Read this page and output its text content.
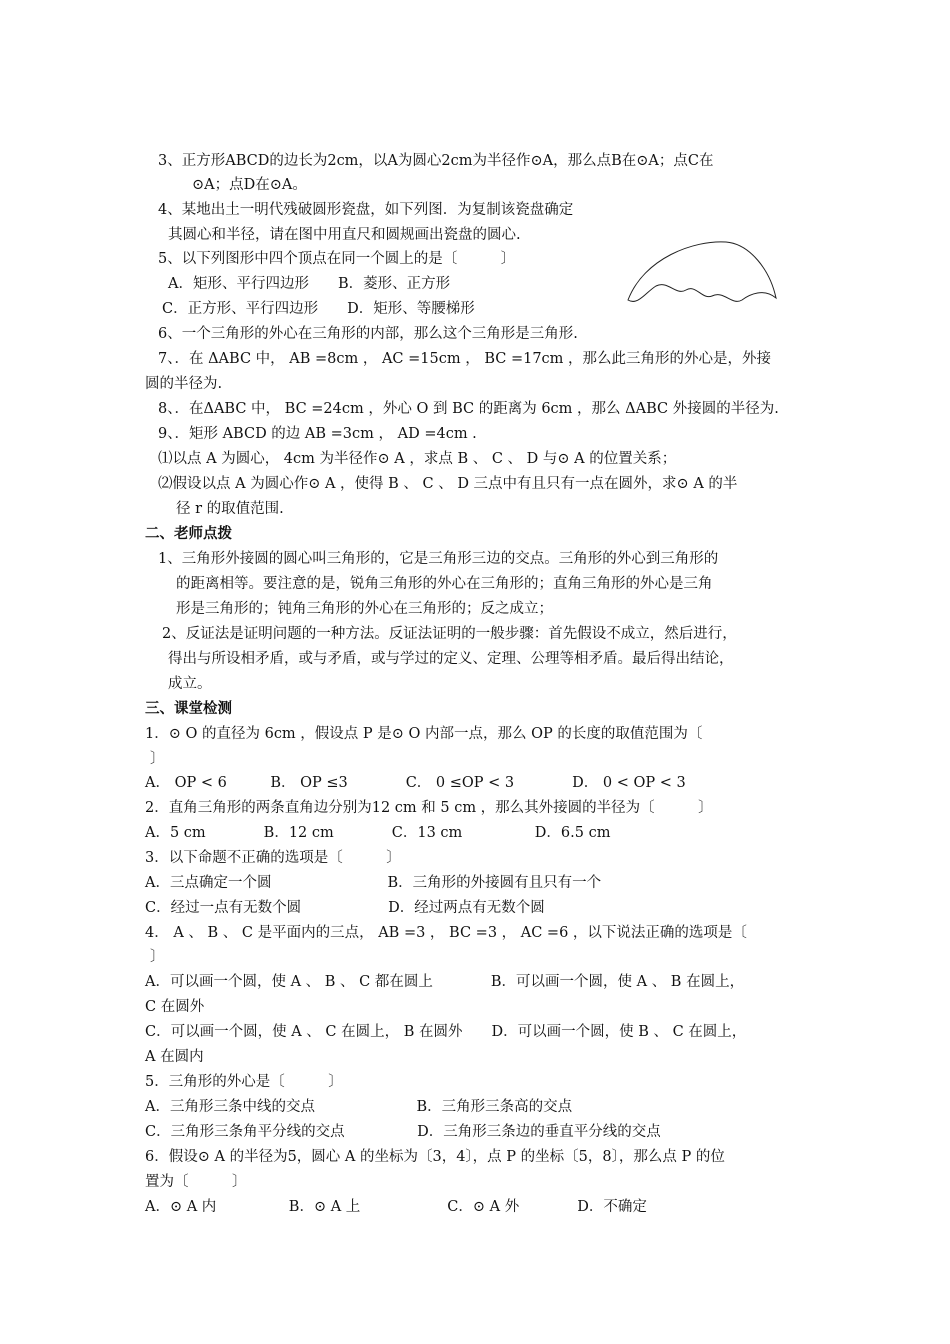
3、正方形ABCD的边长为2cm，以A为圆心2cm为半径作⊙A，那么点B在⊙A；点C在
⊙A；点D在⊙A。
4、某地出土一明代残破圆形瓷盘，如下列图．为复制该瓷盘确定
其圆心和半径，请在图中用直尺和圆规画出瓷盘的圆心.
5、以下列图形中四个顶点在同一个圆上的是〔　　　〕
A．矩形、平行四边形　　B．菱形、正方形
C．正方形、平行四边形　　D．矩形、等腰梯形
6、一个三角形的外心在三角形的内部，那么这个三角形是三角形.
7、．在 ΔABC 中， AB =8cm ， AC =15cm ， BC =17cm ，那么此三角形的外心是，外接
圆的半径为.
8、．在ΔABC 中， BC =24cm ，外心 O 到 BC 的距离为 6cm ，那么 ΔABC 外接圆的半径为.
9、．矩形 ABCD 的边 AB =3cm ， AD =4cm .
⑴以点 A 为圆心， 4cm 为半径作⊙ A ，求点 B 、 C 、 D 与⊙ A 的位置关系；
⑵假设以点 A 为圆心作⊙ A ，使得 B 、 C 、 D 三点中有且只有一点在圆外，求⊙ A 的半
径 r 的取值范围.
二、老师点拨
1、三角形外接圆的圆心叫三角形的，它是三角形三边的交点。三角形的外心到三角形的
的距离相等。要注意的是，锐角三角形的外心在三角形的；直角三角形的外心是三角
形是三角形的；钝角三角形的外心在三角形的；反之成立；
2、反证法是证明问题的一种方法。反证法证明的一般步骤：首先假设不成立，然后进行，
得出与所设相矛盾，或与矛盾，或与学过的定义、定理、公理等相矛盾。最后得出结论，
成立。
三、课堂检测
1．⊙ O 的直径为 6cm ，假设点 P 是⊙ O 内部一点，那么 OP 的长度的取值范围为〔
〕
A． OP < 6　　　B． OP ≤3　　　　C． 0 ≤OP < 3　　　　D． 0 < OP < 3
2．直角三角形的两条直角边分别为12 cm 和 5 cm ，那么其外接圆的半径为〔　　　〕
A．5 cm　　　　B．12 cm　　　　C．13 cm　　　　　D．6.5 cm
3．以下命题不正确的选项是〔　　　〕
A．三点确定一个圆　　　　　　　　B．三角形的外接圆有且只有一个
C．经过一点有无数个圆　　　　　　D．经过两点有无数个圆
4． A 、 B 、 C 是平面内的三点， AB =3 ， BC =3 ， AC =6 ，以下说法正确的选项是〔
〕
A．可以画一个圆，使 A 、 B 、 C 都在圆上　　　　B．可以画一个圆，使 A 、 B 在圆上，
C 在圆外
C．可以画一个圆，使 A 、 C 在圆上， B 在圆外　　D．可以画一个圆，使 B 、 C 在圆上，
A 在圆内
5．三角形的外心是〔　　　〕
A．三角形三条中线的交点　　　　　　　B．三角形三条高的交点
C．三角形三条角平分线的交点　　　　　D．三角形三条边的垂直平分线的交点
6．假设⊙ A 的半径为5，圆心 A 的坐标为〔3，4〕，点 P 的坐标〔5，8〕，那么点 P 的位
置为〔　　　〕
A．⊙ A 内　　　　　B．⊙ A 上　　　　　　C．⊙ A 外　　　　D．不确定
